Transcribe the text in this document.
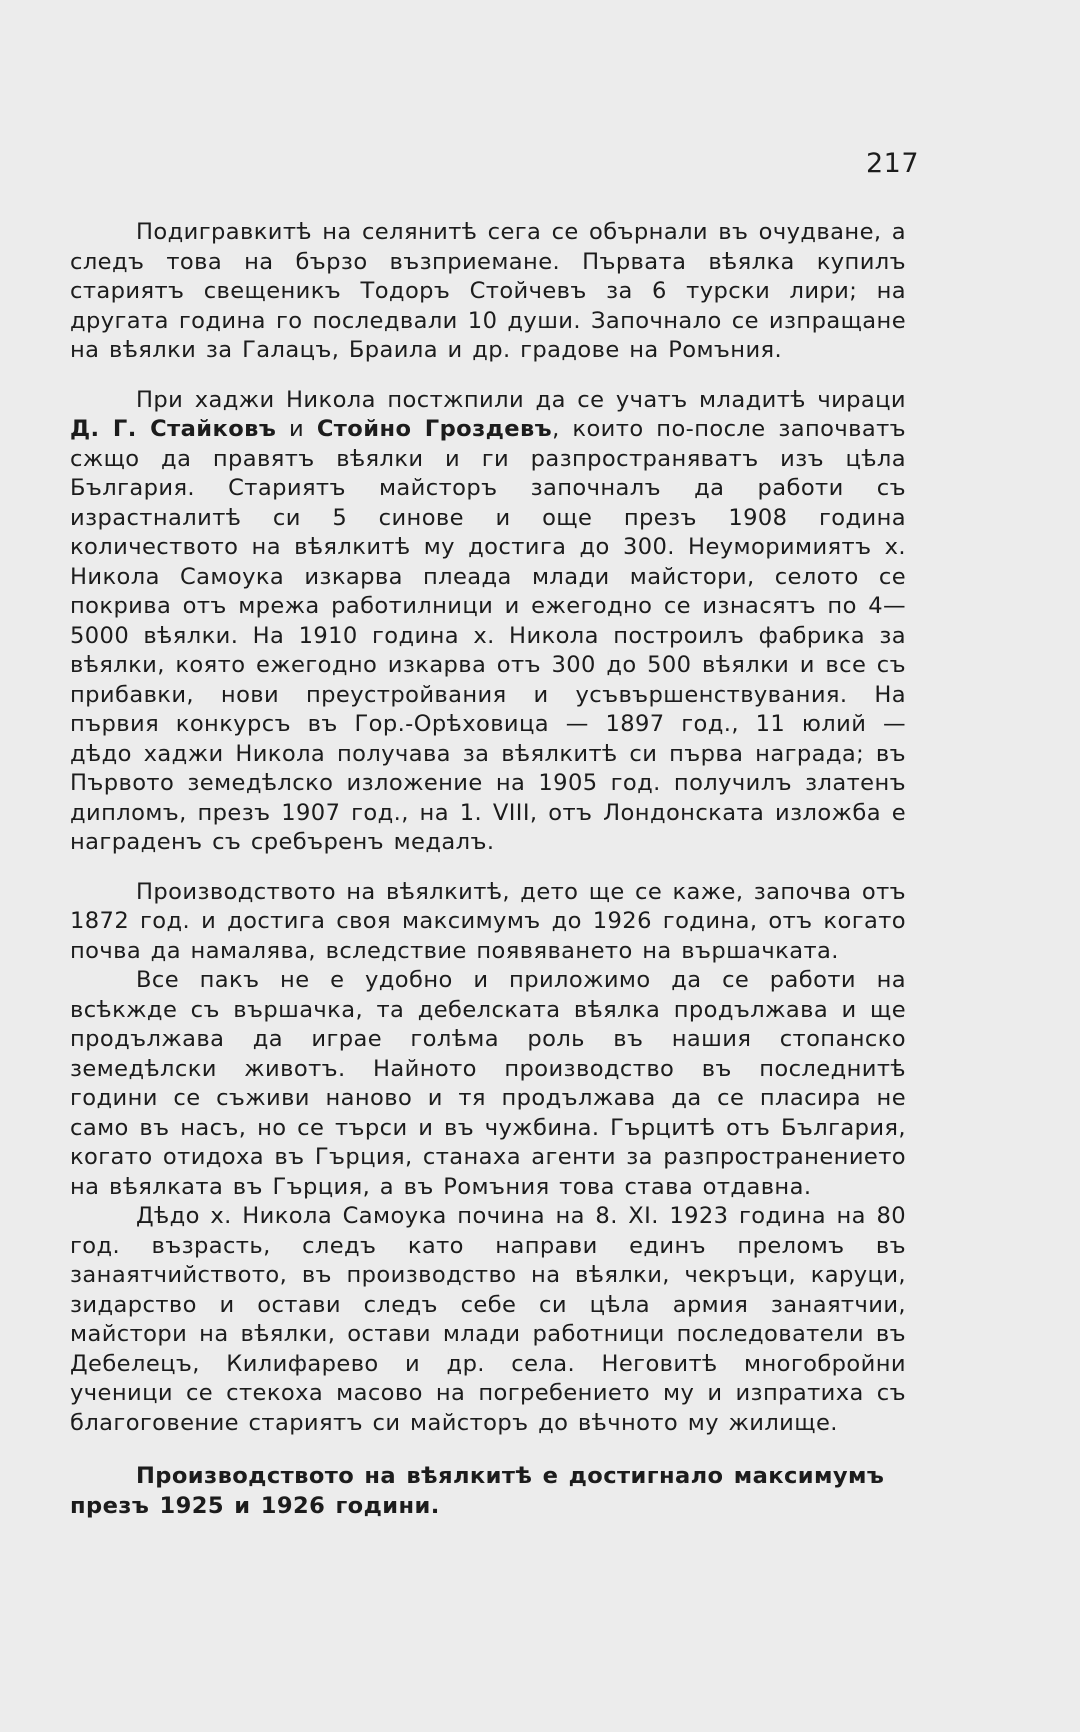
217

Подигравкитѣ на селянитѣ сега се обърнали въ очудване, а следъ това на бързо възприемане. Първата вѣялка купилъ стариятъ свещеникъ Тодоръ Стойчевъ за 6 турски лири; на другата година го последвали 10 души. Започнало се изпращане на вѣялки за Галацъ, Браила и др. градове на Ромъния.

При хаджи Никола постжпили да се учатъ младитѣ чираци Д. Г. Стайковъ и Стойно Гроздевъ, които по-после започватъ сжщо да правятъ вѣялки и ги разпространяватъ изъ цѣла България. Стариятъ майсторъ започналъ да работи съ израстналитѣ си 5 синове и още презъ 1908 година количеството на вѣялкитѣ му достига до 300. Неуморимиятъ х. Никола Самоука изкарва плеада млади майстори, селото се покрива отъ мрежа работилници и ежегодно се изнасятъ по 4—5000 вѣялки. На 1910 година х. Никола построилъ фабрика за вѣялки, която ежегодно изкарва отъ 300 до 500 вѣялки и все съ прибавки, нови преустройвания и усъвършенствувания. На първия конкурсъ въ Гор.-Орѣховица — 1897 год., 11 юлий — дѣдо хаджи Никола получава за вѣялкитѣ си първа награда; въ Първото земедѣлско изложение на 1905 год. получилъ златенъ дипломъ, презъ 1907 год., на 1. VIII, отъ Лондонската изложба е награденъ съ сребъренъ медалъ.

Производството на вѣялкитѣ, дето ще се каже, започва отъ 1872 год. и достига своя максимумъ до 1926 година, отъ когато почва да намалява, вследствие появяването на вършачката.

Все пакъ не е удобно и приложимо да се работи на всѣкжде съ вършачка, та дебелската вѣялка продължава и ще продължава да играе голѣма роль въ нашия стопанско земедѣлски животъ. Найното производство въ последнитѣ години се съживи наново и тя продължава да се пласира не само въ насъ, но се търси и въ чужбина. Гърцитѣ отъ България, когато отидоха въ Гърция, станаха агенти за разпространението на вѣялката въ Гърция, а въ Ромъния това става отдавна.

Дѣдо х. Никола Самоука почина на 8. XI. 1923 година на 80 год. възрасть, следъ като направи единъ преломъ въ занаятчийството, въ производство на вѣялки, чекръци, каруци, зидарство и остави следъ себе си цѣла армия занаятчии, майстори на вѣялки, остави млади работници последователи въ Дебелецъ, Килифарево и др. села. Неговитѣ многобройни ученици се стекоха масово на погребението му и изпратиха съ благоговение стариятъ си майсторъ до вѣчното му жилище.

Производството на вѣялкитѣ е достигнало максимумъ презъ 1925 и 1926 години.
